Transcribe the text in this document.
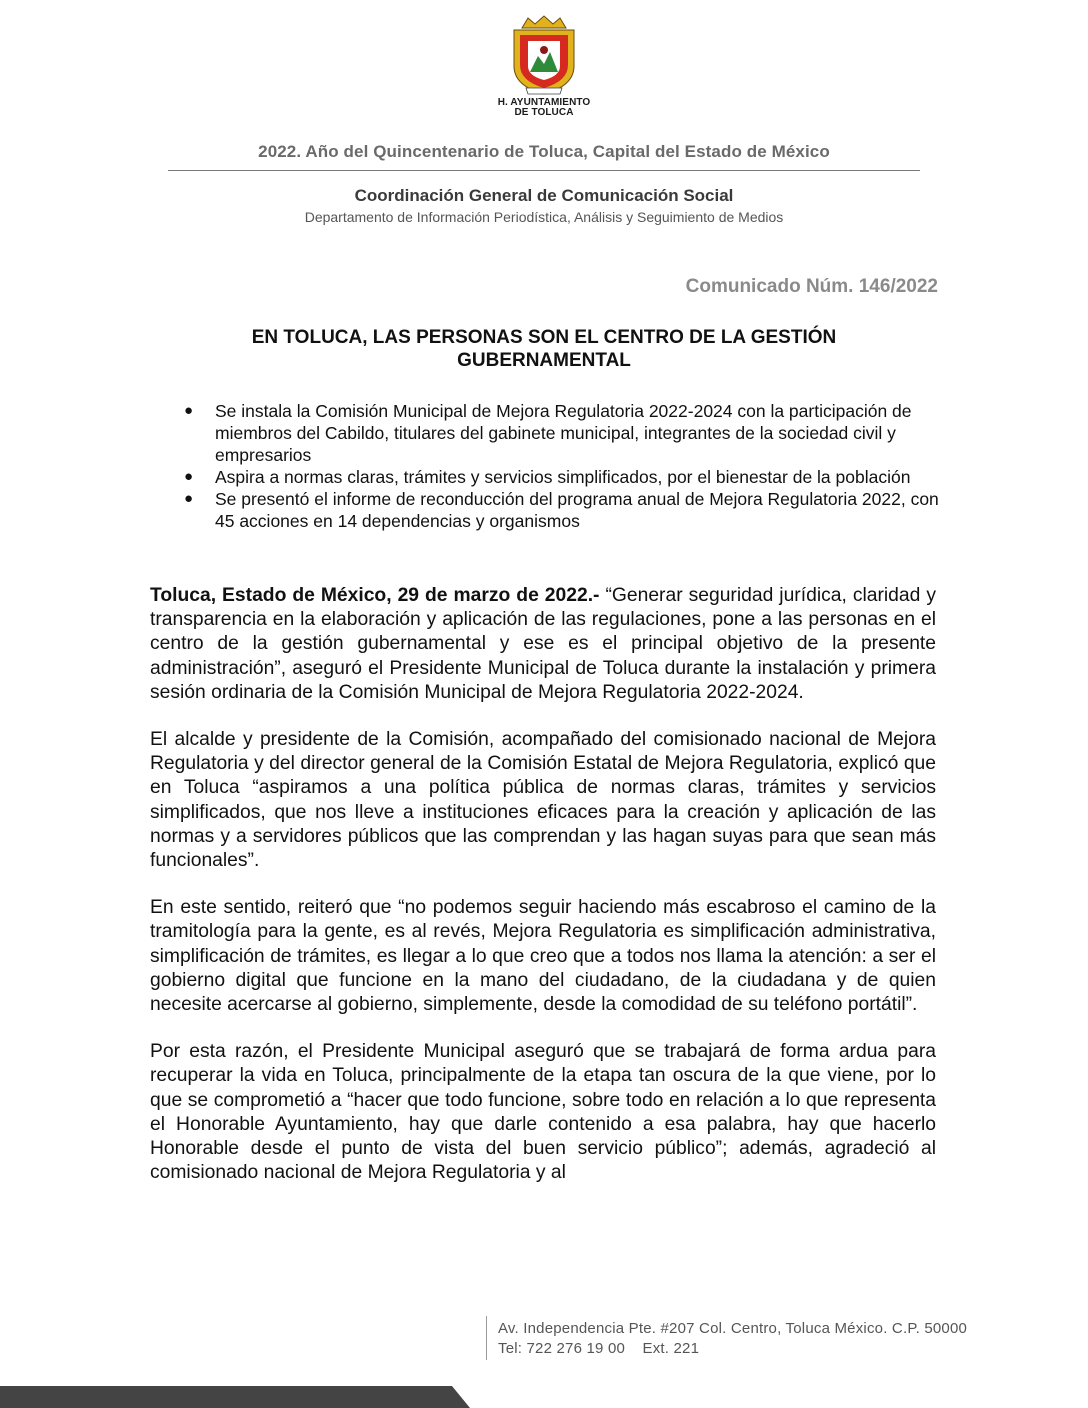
H. AYUNTAMIENTO
DE TOLUCA
2022. Año del Quincentenario de Toluca, Capital del Estado de México
Coordinación General de Comunicación Social
Departamento de Información Periodística, Análisis y Seguimiento de Medios
Comunicado Núm. 146/2022
EN TOLUCA, LAS PERSONAS SON EL CENTRO DE LA GESTIÓN GUBERNAMENTAL
● Se instala la Comisión Municipal de Mejora Regulatoria 2022-2024 con la participación de miembros del Cabildo, titulares del gabinete municipal, integrantes de la sociedad civil y empresarios
● Aspira a normas claras, trámites y servicios simplificados, por el bienestar de la población
● Se presentó el informe de reconducción del programa anual de Mejora Regulatoria 2022, con 45 acciones en 14 dependencias y organismos

Toluca, Estado de México, 29 de marzo de 2022.- “Generar seguridad jurídica, claridad y transparencia en la elaboración y aplicación de las regulaciones, pone a las personas en el centro de la gestión gubernamental y ese es el principal objetivo de la presente administración”, aseguró el Presidente Municipal de Toluca durante la instalación y primera sesión ordinaria de la Comisión Municipal de Mejora Regulatoria 2022-2024.

El alcalde y presidente de la Comisión, acompañado del comisionado nacional de Mejora Regulatoria y del director general de la Comisión Estatal de Mejora Regulatoria, explicó que en Toluca “aspiramos a una política pública de normas claras, trámites y servicios simplificados, que nos lleve a instituciones eficaces para la creación y aplicación de las normas y a servidores públicos que las comprendan y las hagan suyas para que sean más funcionales”.

En este sentido, reiteró que “no podemos seguir haciendo más escabroso el camino de la tramitología para la gente, es al revés, Mejora Regulatoria es simplificación administrativa, simplificación de trámites, es llegar a lo que creo que a todos nos llama la atención: a ser el gobierno digital que funcione en la mano del ciudadano, de la ciudadana y de quien necesite acercarse al gobierno, simplemente, desde la comodidad de su teléfono portátil”.

Por esta razón, el Presidente Municipal aseguró que se trabajará de forma ardua para recuperar la vida en Toluca, principalmente de la etapa tan oscura de la que viene, por lo que se comprometió a “hacer que todo funcione, sobre todo en relación a lo que representa el Honorable Ayuntamiento, hay que darle contenido a esa palabra, hay que hacerlo Honorable desde el punto de vista del buen servicio público”; además, agradeció al comisionado nacional de Mejora Regulatoria y al

Av. Independencia Pte. #207 Col. Centro, Toluca México. C.P. 50000
Tel: 722 276 19 00    Ext. 221
